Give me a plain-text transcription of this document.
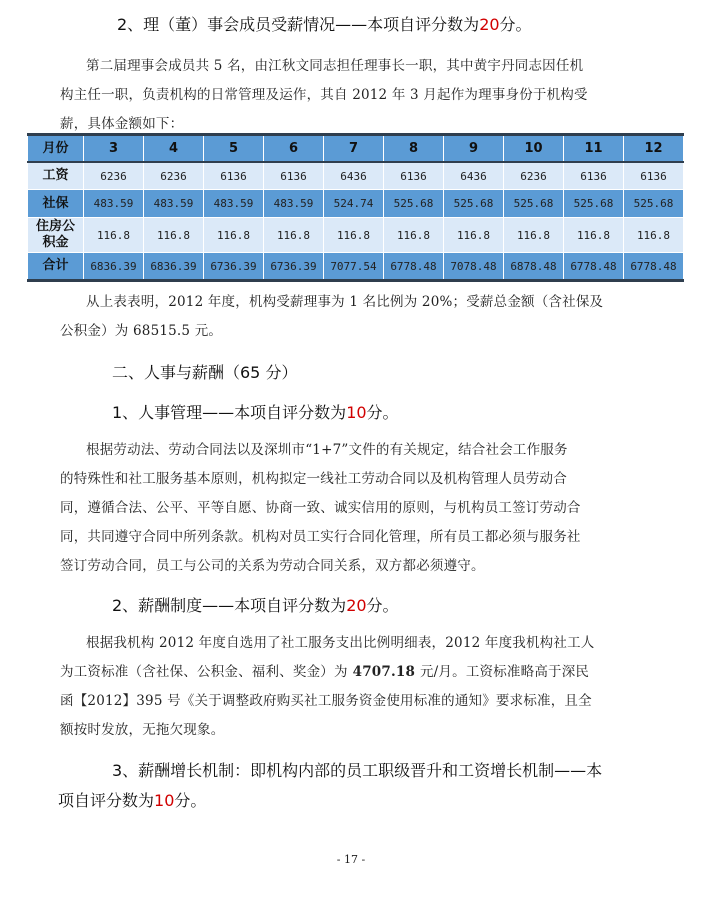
2、理（董）事会成员受薪情况——本项自评分数为20分。
第二届理事会成员共 5 名，由江秋文同志担任理事长一职，其中黄宇丹同志因任机
构主任一职，负责机构的日常管理及运作，其自 2012 年 3 月起作为理事身份于机构受
薪，具体金额如下：
月份	3	4	5	6	7	8	9	10	11	12
工资	6236	6236	6136	6136	6436	6136	6436	6236	6136	6136
社保	483.59	483.59	483.59	483.59	524.74	525.68	525.68	525.68	525.68	525.68
住房公
积金	116.8	116.8	116.8	116.8	116.8	116.8	116.8	116.8	116.8	116.8
合计	6836.39	6836.39	6736.39	6736.39	7077.54	6778.48	7078.48	6878.48	6778.48	6778.48
从上表表明，2012 年度，机构受薪理事为 1 名比例为 20%；受薪总金额（含社保及
公积金）为 68515.5 元。
二、人事与薪酬（65 分）
1、人事管理——本项自评分数为10分。
根据劳动法、劳动合同法以及深圳市“1+7”文件的有关规定，结合社会工作服务
的特殊性和社工服务基本原则，机构拟定一线社工劳动合同以及机构管理人员劳动合
同，遵循合法、公平、平等自愿、协商一致、诚实信用的原则，与机构员工签订劳动合
同，共同遵守合同中所列条款。机构对员工实行合同化管理，所有员工都必须与服务社
签订劳动合同，员工与公司的关系为劳动合同关系，双方都必须遵守。
2、薪酬制度——本项自评分数为20分。
根据我机构 2012 年度自选用了社工服务支出比例明细表，2012 年度我机构社工人
为工资标准（含社保、公积金、福利、奖金）为 4707.18 元/月。工资标准略高于深民
函【2012】395 号《关于调整政府购买社工服务资金使用标准的通知》要求标准，且全
额按时发放，无拖欠现象。
3、薪酬增长机制：即机构内部的员工职级晋升和工资增长机制——本
项自评分数为10分。
- 17 -
